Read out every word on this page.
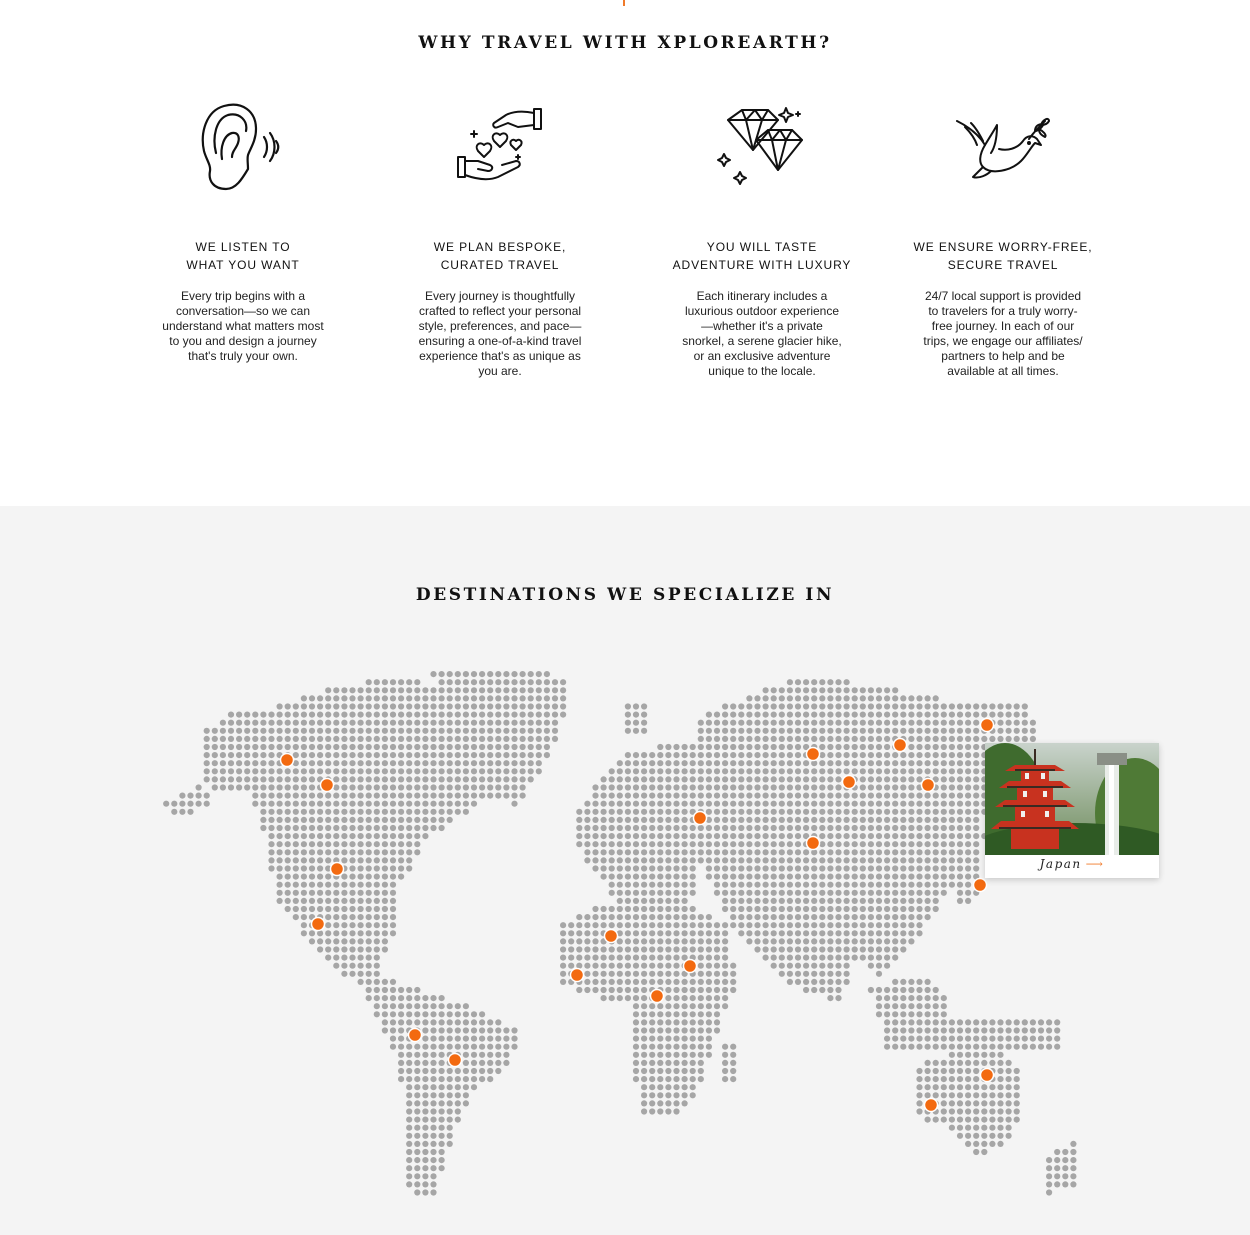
WHY TRAVEL WITH XPLOREARTH?
WE LISTEN TO
WHAT YOU WANT
Every trip begins with a conversation—so we can understand what matters most to you and design a journey that's truly your own.
WE PLAN BESPOKE,
CURATED TRAVEL
Every journey is thoughtfully crafted to reflect your personal style, preferences, and pace—ensuring a one-of-a-kind travel experience that's as unique as you are.
YOU WILL TASTE
ADVENTURE WITH LUXURY
Each itinerary includes a luxurious outdoor experience—whether it's a private snorkel, a serene glacier hike, or an exclusive adventure unique to the locale.
WE ENSURE WORRY-FREE,
SECURE TRAVEL
24/7 local support is provided to travelers for a truly worry-free journey. In each of our trips, we engage our affiliates/ partners to help and be available at all times.
DESTINATIONS WE SPECIALIZE IN
Japan ⟶
